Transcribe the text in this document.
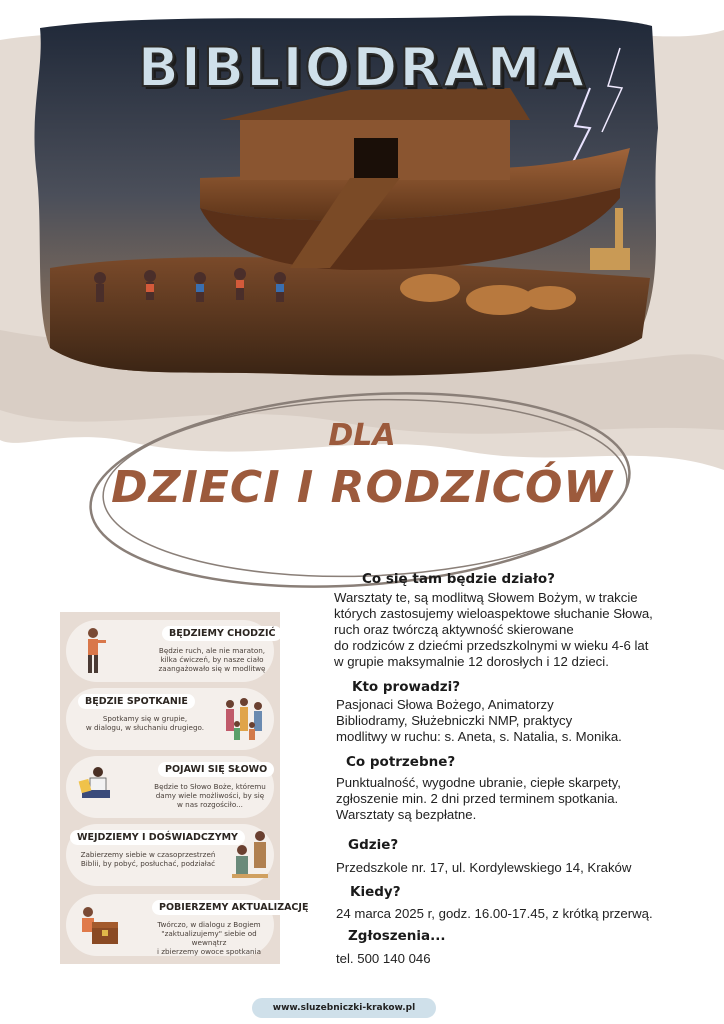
BIBLIODRAMA
DLA
DZIECI I RODZICÓW
BĘDZIEMY CHODZIĆ
Będzie ruch, ale nie maraton,
kilka ćwiczeń, by nasze ciało
zaangażowało się w modlitwę
BĘDZIE SPOTKANIE
Spotkamy się w grupie,
w dialogu, w słuchaniu drugiego.
POJAWI SIĘ SŁOWO
Będzie to Słowo Boże, któremu
damy wiele możliwości, by się
w nas rozgościło...
WEJDZIEMY I DOŚWIADCZYMY
Zabierzemy siebie w czasoprzestrzeń
Biblii, by pobyć, posłuchać, podziałać
POBIERZEMY AKTUALIZACJĘ
Twórczo, w dialogu z Bogiem
"zaktualizujemy" siebie od wewnątrz
i zbierzemy owoce spotkania
Co się tam będzie działo?
Warsztaty te, są modlitwą Słowem Bożym, w trakcie
których zastosujemy wieloaspektowe słuchanie Słowa,
ruch oraz twórczą aktywność skierowane
do rodziców z dziećmi przedszkolnymi w wieku 4-6 lat
w grupie maksymalnie 12 dorosłych i 12 dzieci.
Kto prowadzi?
Pasjonaci Słowa Bożego, Animatorzy
Bibliodramy, Służebniczki NMP, praktycy
modlitwy w ruchu: s. Aneta, s. Natalia, s. Monika.
Co potrzebne?
Punktualność, wygodne ubranie, ciepłe skarpety,
zgłoszenie min. 2 dni przed terminem spotkania.
Warsztaty są bezpłatne.
Gdzie?
Przedszkole nr. 17, ul. Kordylewskiego 14, Kraków
Kiedy?
24 marca 2025 r, godz. 16.00-17.45, z krótką przerwą.
Zgłoszenia...
tel. 500 140 046
www.sluzebniczki-krakow.pl
